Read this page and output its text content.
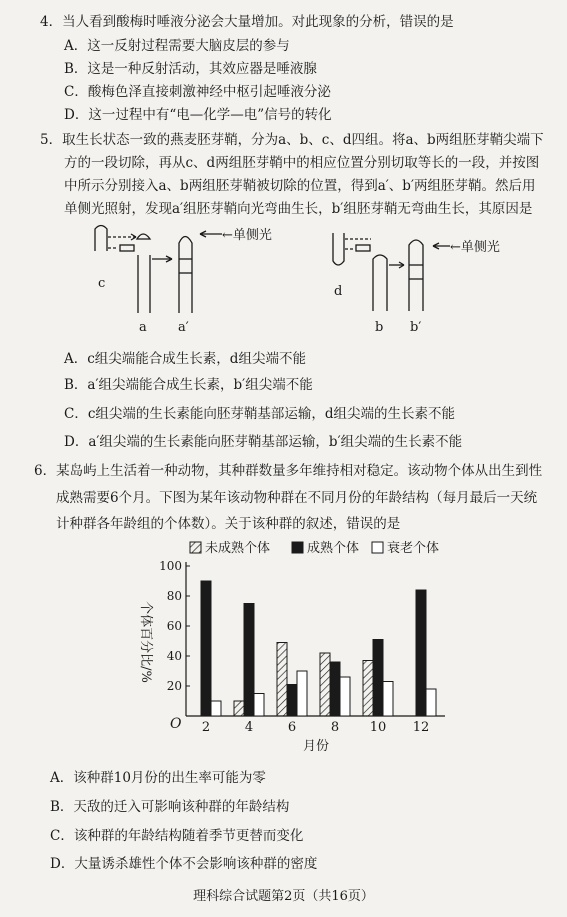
4．当人看到酸梅时唾液分泌会大量增加。对此现象的分析，错误的是
A．这一反射过程需要大脑皮层的参与
B．这是一种反射活动，其效应器是唾液腺
C．酸梅色泽直接刺激神经中枢引起唾液分泌
D．这一过程中有“电—化学—电”信号的转化
5．取生长状态一致的燕麦胚芽鞘，分为a、b、c、d四组。将a、b两组胚芽鞘尖端下
方的一段切除，再从c、d两组胚芽鞘中的相应位置分别切取等长的一段，并按图
中所示分别接入a、b两组胚芽鞘被切除的位置，得到a′、b′两组胚芽鞘。然后用
单侧光照射，发现a′组胚芽鞘向光弯曲生长，b′组胚芽鞘无弯曲生长，其原因是
←单侧光
c
a a′
←单侧光
d
b b′
A．c组尖端能合成生长素，d组尖端不能
B．a′组尖端能合成生长素，b′组尖端不能
C．c组尖端的生长素能向胚芽鞘基部运输，d组尖端的生长素不能
D．a′组尖端的生长素能向胚芽鞘基部运输，b′组尖端的生长素不能
6．某岛屿上生活着一种动物，其种群数量多年维持相对稳定。该动物个体从出生到性
成熟需要6个月。下图为某年该动物种群在不同月份的年龄结构（每月最后一天统
计种群各年龄组的个体数）。关于该种群的叙述，错误的是
未成熟个体	成熟个体 衰老个体
个体百分比/%
月份
O
20
40
60
80
100
2	4	6	8 10 12
A．该种群10月份的出生率可能为零
B．天敌的迁入可影响该种群的年龄结构
C．该种群的年龄结构随着季节更替而变化
D．大量诱杀雄性个体不会影响该种群的密度
理科综合试题第2页（共16页）
